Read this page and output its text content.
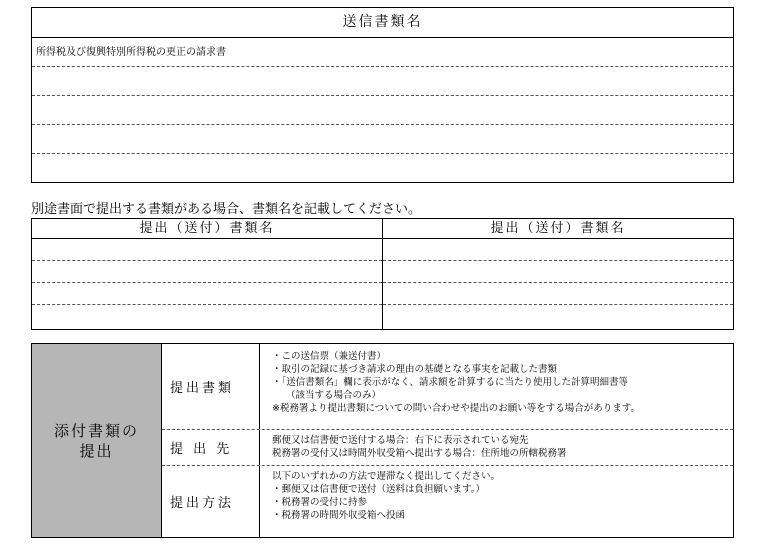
送信書類名
所得税及び復興特別所得税の更正の請求書
別途書面で提出する書類がある場合、書類名を記載してください。
提出（送付）書類名	提出（送付）書類名
添付書類の
提出
提出書類
・この送信票（兼送付書）
・取引の記録に基づき請求の理由の基礎となる事実を記載した書類
・「送信書類名」欄に表示がなく、請求額を計算するに当たり使用した計算明細書等
（該当する場合のみ）
※税務署より提出書類についての問い合わせや提出のお願い等をする場合があります。
提 出 先
郵便又は信書便で送付する場合：右下に表示されている宛先
税務署の受付又は時間外収受箱へ提出する場合：住所地の所轄税務署
提出方法
以下のいずれかの方法で遅滞なく提出してください。
・郵便又は信書便で送付（送料は負担願います。）
・税務署の受付に持参
・税務署の時間外収受箱へ投函
